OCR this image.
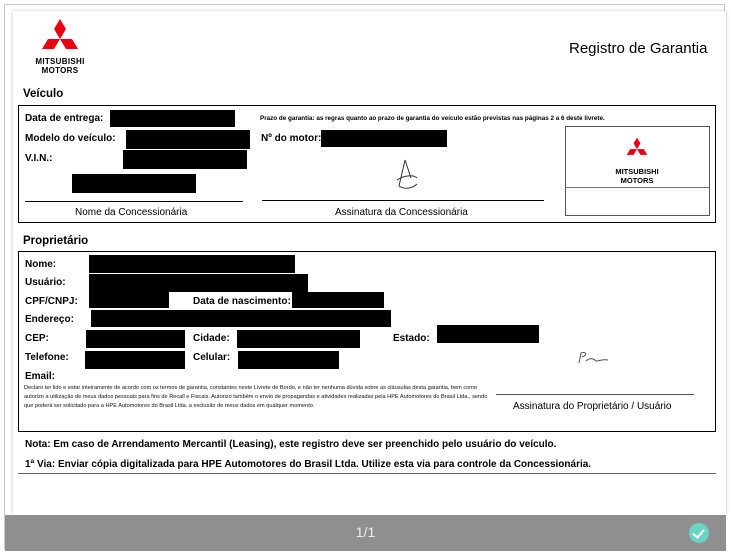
MITSUBISHI
MOTORS
Registro de Garantia
Veículo
Data de entrega:
Modelo do veículo:
V.I.N.:
Nome da Concessionária
Prazo de garantia: as regras quanto ao prazo de garantia do veículo estão previstas nas páginas 2 a 6 deste livrete.
Nº do motor:
Assinatura da Concessionária
MITSUBISHI
MOTORS
Proprietário
Nome:
Usuário:
CPF/CNPJ:	Data de nascimento:
Endereço:
CEP:	Cidade:	Estado:
Telefone:	Celular:
Email:
Declaro ter lido e estar inteiramente de acordo com os termos de garantia, constantes neste Livrete de Bordo, e não ter nenhuma dúvida sobre as cláusulas desta garantia, bem como autorizo a utilização de meus dados pessoais para fins de Recall e Fiscais. Autorizo também o envio de propagandas e atividades realizadas pela HPE Automotores do Brasil Ltda., sendo que poderá ser solicitado para a HPE Automotores do Brasil Ltda. a exclusão de meus dados em qualquer momento.	Assinatura do Proprietário / Usuário
Nota: Em caso de Arrendamento Mercantil (Leasing), este registro deve ser preenchido pelo usuário do veículo.
1ª Via: Enviar cópia digitalizada para HPE Automotores do Brasil Ltda. Utilize esta via para controle da Concessionária.
1/1
